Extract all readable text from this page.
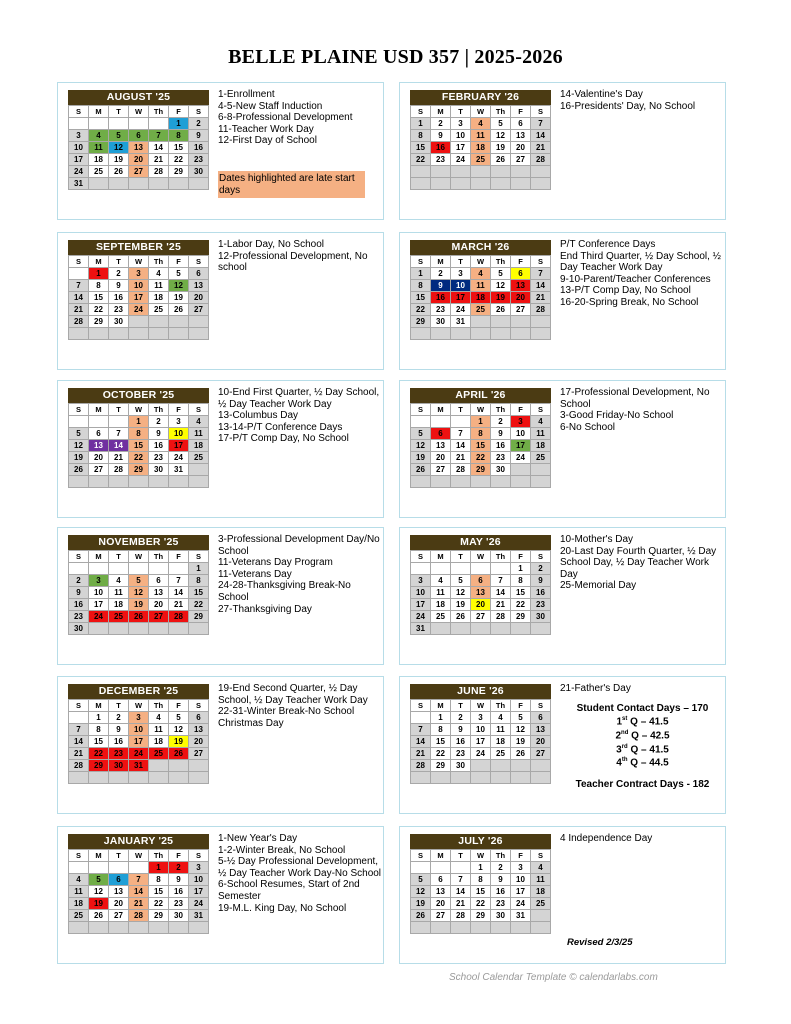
BELLE PLAINE USD 357 | 2025-2026
AUGUST '25
S	M	T	W	Th	F	S
					1	2
3	4	5	6	7	8	9
10	11	12	13	14	15	16
17	18	19	20	21	22	23
24	25	26	27	28	29	30
31						
1-Enrollment
4-5-New Staff Induction
6-8-Professional Development
11-Teacher Work Day
12-First Day of School
Dates highlighted are late start days
SEPTEMBER '25
S	M	T	W	Th	F	S
	1	2	3	4	5	6
7	8	9	10	11	12	13
14	15	16	17	18	19	20
21	22	23	24	25	26	27
28	29	30				

1-Labor Day, No School
12-Professional Development, No school
OCTOBER '25
S	M	T	W	Th	F	S
			1	2	3	4
5	6	7	8	9	10	11
12	13	14	15	16	17	18
19	20	21	22	23	24	25
26	27	28	29	30	31	

10-End First Quarter, ½ Day School, ½ Day Teacher Work Day
13-Columbus Day
13-14-P/T Conference Days
17-P/T Comp Day, No School
NOVEMBER '25
S	M	T	W	Th	F	S
						1
2	3	4	5	6	7	8
9	10	11	12	13	14	15
16	17	18	19	20	21	22
23	24	25	26	27	28	29
30						
3-Professional Development Day/No School
11-Veterans Day Program
11-Veterans Day
24-28-Thanksgiving Break-No School
27-Thanksgiving Day
DECEMBER '25
S	M	T	W	Th	F	S
	1	2	3	4	5	6
7	8	9	10	11	12	13
14	15	16	17	18	19	20
21	22	23	24	25	26	27
28	29	30	31			

19-End Second Quarter, ½ Day School, ½ Day Teacher Work Day
22-31-Winter Break-No School
Christmas Day
JANUARY '25
S	M	T	W	Th	F	S
				1	2	3
4	5	6	7	8	9	10
11	12	13	14	15	16	17
18	19	20	21	22	23	24
25	26	27	28	29	30	31

1-New Year's Day
1-2-Winter Break, No School
5-½ Day Professional Development, ½ Day Teacher Work Day-No School
6-School Resumes, Start of 2nd Semester
19-M.L. King Day, No School
FEBRUARY '26
S	M	T	W	Th	F	S
1	2	3	4	5	6	7
8	9	10	11	12	13	14
15	16	17	18	19	20	21
22	23	24	25	26	27	28

14-Valentine's Day
16-Presidents' Day, No School
MARCH '26
S	M	T	W	Th	F	S
1	2	3	4	5	6	7
8	9	10	11	12	13	14
15	16	17	18	19	20	21
22	23	24	25	26	27	28
29	30	31				

P/T Conference Days
End Third Quarter, ½ Day School, ½ Day Teacher Work Day
9-10-Parent/Teacher Conferences
13-P/T Comp Day, No School
16-20-Spring Break, No School
APRIL '26
S	M	T	W	Th	F	S
			1	2	3	4
5	6	7	8	9	10	11
12	13	14	15	16	17	18
19	20	21	22	23	24	25
26	27	28	29	30		

17-Professional Development, No School
3-Good Friday-No School
6-No School
MAY '26
S	M	T	W	Th	F	S
					1	2
3	4	5	6	7	8	9
10	11	12	13	14	15	16
17	18	19	20	21	22	23
24	25	26	27	28	29	30
31						
10-Mother's Day
20-Last Day Fourth Quarter, ½ Day School Day, ½ Day Teacher Work Day
25-Memorial Day
JUNE '26
S	M	T	W	Th	F	S
	1	2	3	4	5	6
7	8	9	10	11	12	13
14	15	16	17	18	19	20
21	22	23	24	25	26	27
28	29	30				

21-Father's Day
Student Contact Days – 170
1st Q – 41.5
2nd Q – 42.5
3rd Q – 41.5
4th Q – 44.5
Teacher Contract Days - 182
JULY '26
S	M	T	W	Th	F	S
			1	2	3	4
5	6	7	8	9	10	11
12	13	14	15	16	17	18
19	20	21	22	23	24	25
26	27	28	29	30	31	

4 Independence Day
Revised 2/3/25
School Calendar Template © calendarlabs.com
